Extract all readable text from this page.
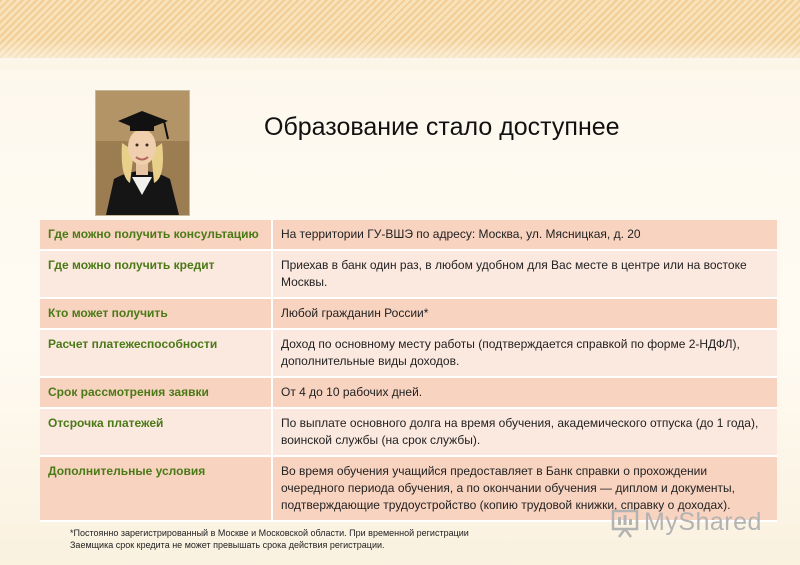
Образование стало доступнее
Где можно получить консультацию	На территории ГУ-ВШЭ по адресу: Москва, ул. Мясницкая, д. 20
Где можно получить кредит	Приехав в банк один раз, в любом удобном для Вас месте в центре или на востоке Москвы.
Кто может получить	Любой гражданин России*
Расчет платежеспособности	Доход по основному месту работы (подтверждается справкой по форме 2-НДФЛ), дополнительные виды доходов.
Срок рассмотрения заявки	От 4 до 10 рабочих дней.
Отсрочка платежей	По выплате основного долга на время обучения, академического отпуска (до 1 года), воинской службы (на срок службы).
Дополнительные условия	Во время обучения учащийся предоставляет в Банк справки о прохождении очередного периода обучения, а по окончании обучения — диплом и документы, подтверждающие трудоустройство (копию трудовой книжки, справку о доходах).
*Постоянно зарегистрированный в Москве и Московской области. При временной регистрации Заемщика срок кредита не может превышать срока действия регистрации.
MyShared
